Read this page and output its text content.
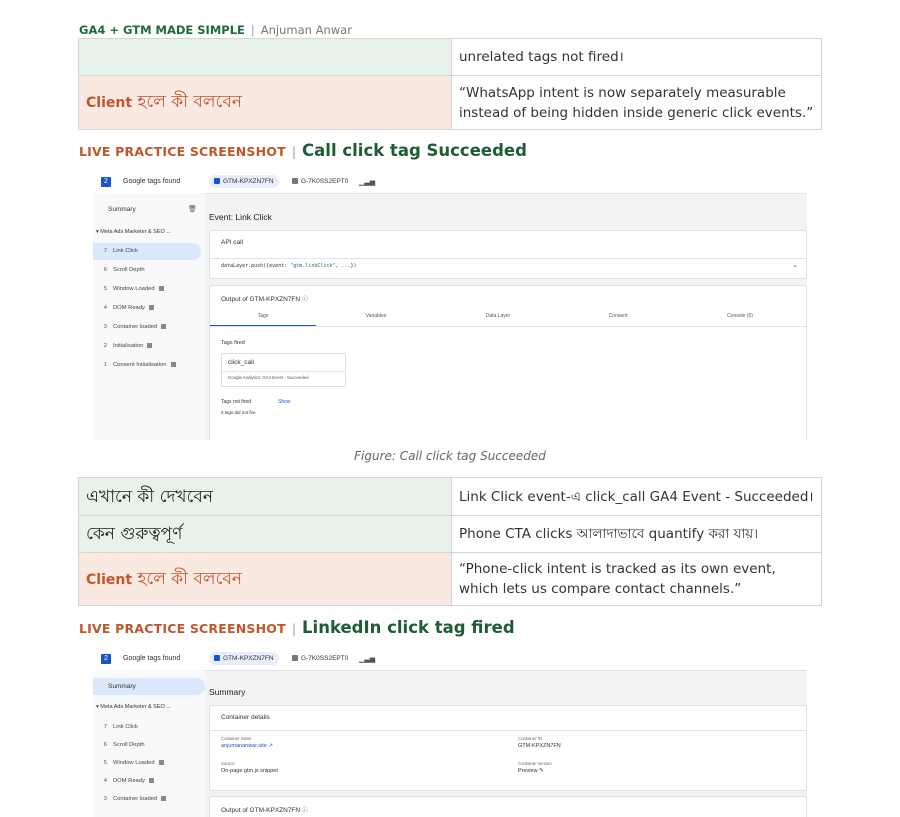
GA4 + GTM MADE SIMPLE | Anjuman Anwar
	unrelated tags not fired।
Client হলে কী বলবেন	“WhatsApp intent is now separately measurable instead of being hidden inside generic click events.”
LIVE PRACTICE SCREENSHOT | Call click tag Succeeded
2	Google tags found	GTM-KPXZN7FN	G-7K0SS2EPT0	▁▃▅
Summary	🗑
▾ Meta Ads Marketer & SEO ...
7 Link Click
6 Scroll Depth
5 Window Loaded
4 DOM Ready
3 Container loaded
2 Initialisation
1 Consent Initialisation
Event: Link Click
API call
dataLayer.push({event: "gtm.linkClick", ...})	⌄
Output of GTM-KPXZN7FN ⓘ
Tags	Variables	Data Layer	Consent	Console (0)
Tags fired
click_call
Google Analytics: GA4 Event - Succeeded
Tags not fired	Show
6 tags did not fire
Figure: Call click tag Succeeded
এখানে কী দেখবেন	Link Click event-এ click_call GA4 Event - Succeeded।
কেন গুরুত্বপূর্ণ	Phone CTA clicks আলাদাভাবে quantify করা যায়।
Client হলে কী বলবেন	“Phone-click intent is tracked as its own event, which lets us compare contact channels.”
LIVE PRACTICE SCREENSHOT | LinkedIn click tag fired
2	Google tags found	GTM-KPXZN7FN	G-7K0SS2EPT0	▁▃▅
Summary
▾ Meta Ads Marketer & SEO ...
7 Link Click
6 Scroll Depth
5 Window Loaded
4 DOM Ready
3 Container loaded
Summary
Container details
Container name
anjumananwar.site ↗
Container ID
GTM-KPXZN7FN
Source
On-page gtm.js snippet
Container version
Preview ✎
Output of GTM-KPXZN7FN ⓘ
